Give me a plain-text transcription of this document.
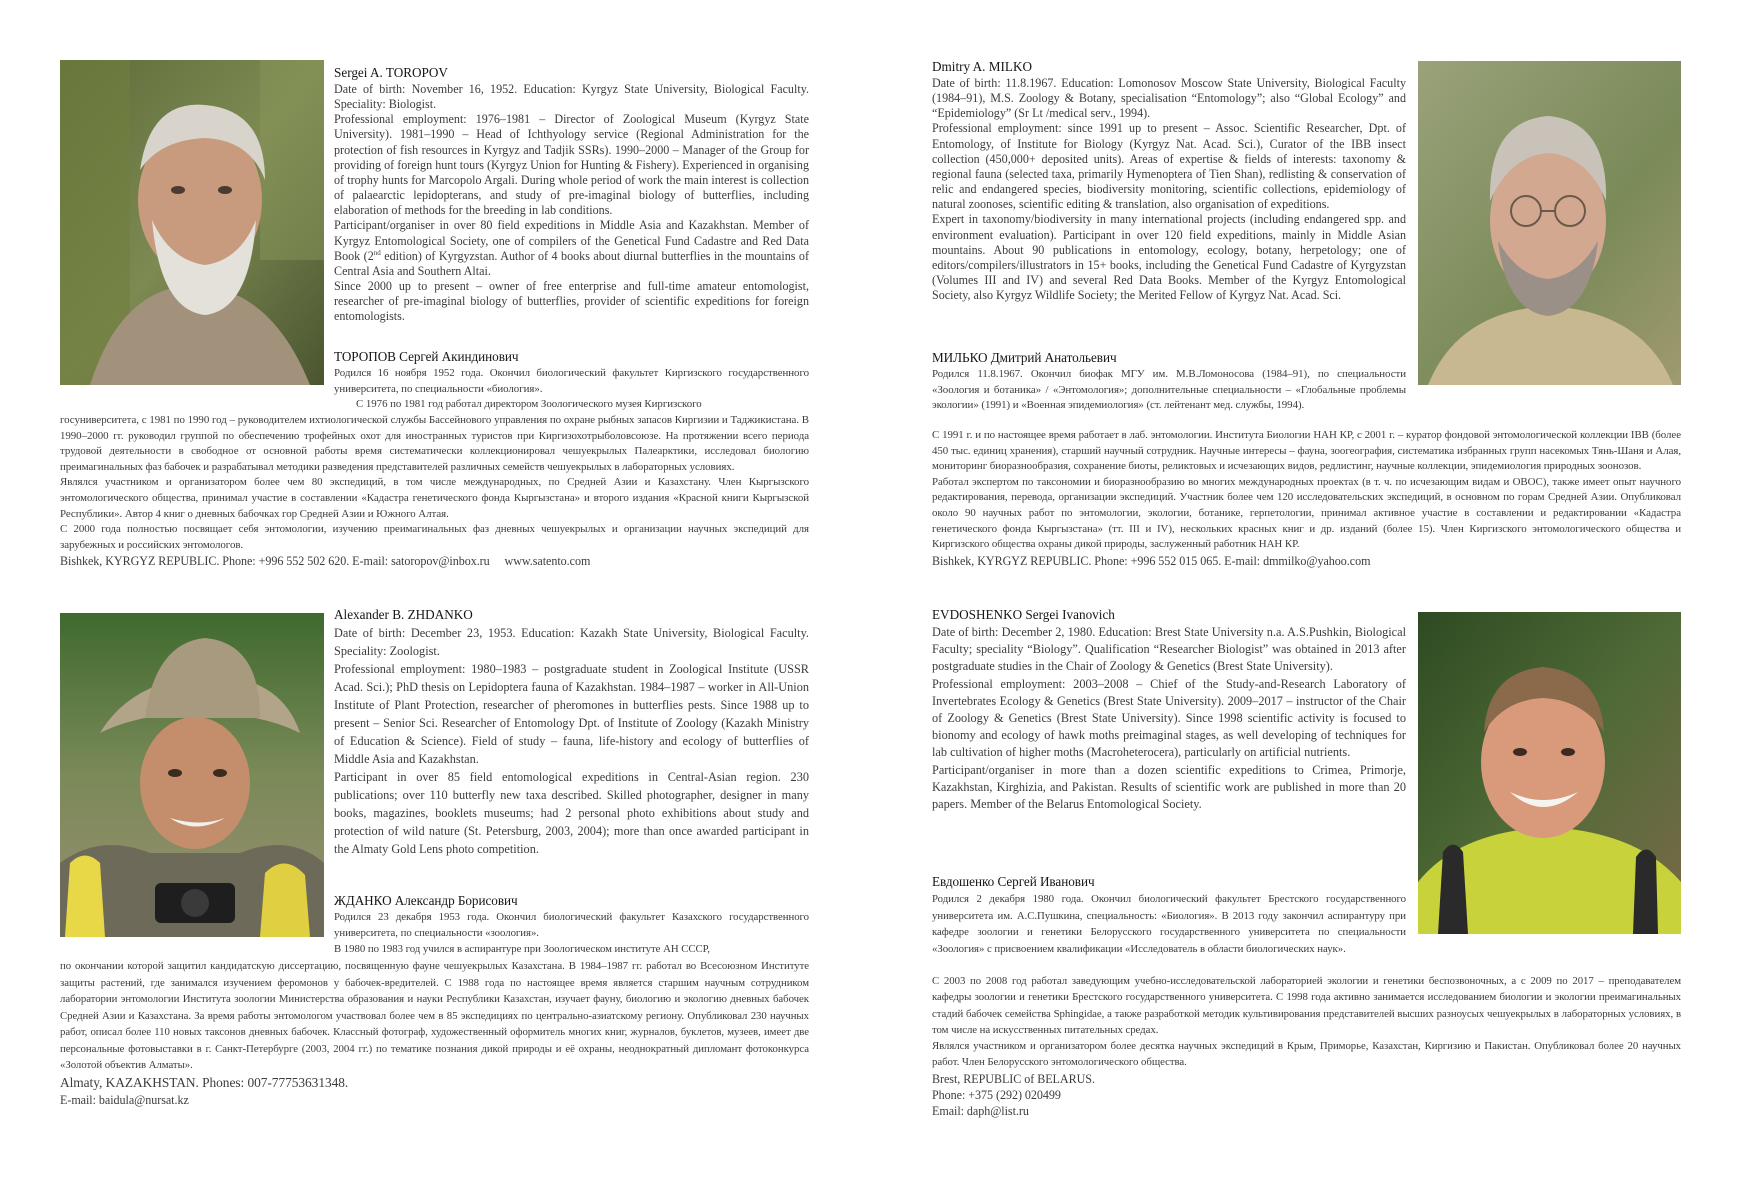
Sergei A. TOROPOV

Date of birth: November 16, 1952. Education: Kyrgyz State University, Biological Faculty. Speciality: Biologist.

Professional employment: 1976–1981 – Director of Zoological Museum (Kyrgyz State University). 1981–1990 – Head of Ichthyology service (Regional Administration for the protection of fish resources in Kyrgyz and Tadjik SSRs). 1990–2000 – Manager of the Group for providing of foreign hunt tours (Kyrgyz Union for Hunting & Fishery). Experienced in organising of trophy hunts for Marcopolo Argali. During whole period of work the main interest is collection of palaearctic lepidopterans, and study of pre-imaginal biology of butterflies, including elaboration of methods for the breeding in lab conditions.

Participant/organiser in over 80 field expeditions in Middle Asia and Kazakhstan. Member of Kyrgyz Entomological Society, one of compilers of the Genetical Fund Cadastre and Red Data Book (2nd edition) of Kyrgyzstan. Author of 4 books about diurnal butterflies in the mountains of Central Asia and Southern Altai.

Since 2000 up to present – owner of free enterprise and full-time amateur entomologist, researcher of pre-imaginal biology of butterflies, provider of scientific expeditions for foreign entomologists.

ТОРОПОВ Сергей Акиндинович

Родился 16 ноября 1952 года. Окончил биологический факультет Киргизского государственного университета, по специальности «биология».

С 1976 по 1981 год работал директором Зоологического музея Киргизского

госуниверситета, с 1981 по 1990 год – руководителем ихтиологической службы Бассейнового управления по охране рыбных запасов Киргизии и Таджикистана. В 1990–2000 гг. руководил группой по обеспечению трофейных охот для иностранных туристов при Киргизохотрыболовсоюзе. На протяжении всего периода трудовой деятельности в свободное от основной работы время систематически коллекционировал чешуекрылых Палеарктики, исследовал биологию преимагинальных фаз бабочек и разрабатывал методики разведения представителей различных семейств чешуекрылых в лабораторных условиях.

Являлся участником и организатором более чем 80 экспедиций, в том числе международных, по Средней Азии и Казахстану. Член Кыргызского энтомологического общества, принимал участие в составлении «Кадастра генетического фонда Кыргызстана» и второго издания «Красной книги Кыргызской Республики». Автор 4 книг о дневных бабочках гор Средней Азии и Южного Алтая.

С 2000 года полностью посвящает себя энтомологии, изучению преимагинальных фаз дневных чешуекрылых и организации научных экспедиций для зарубежных и российских энтомологов.

Bishkek, KYRGYZ REPUBLIC. Phone: +996 552 502 620. E-mail: satoropov@inbox.ru     www.satento.com

Alexander B. ZHDANKO

Date of birth: December 23, 1953. Education: Kazakh State University, Biological Faculty. Speciality: Zoologist.

Professional employment: 1980–1983 – postgraduate student in Zoological Institute (USSR Acad. Sci.); PhD thesis on Lepidoptera fauna of Kazakhstan. 1984–1987 – worker in All-Union Institute of Plant Protection, researcher of pheromones in butterflies pests. Since 1988 up to present – Senior Sci. Researcher of Entomology Dpt. of Institute of Zoology (Kazakh Ministry of Education & Science). Field of study – fauna, life-history and ecology of butterflies of Middle Asia and Kazakhstan.

Participant in over 85 field entomological expeditions in Central-Asian region. 230 publications; over 110 butterfly new taxa described. Skilled photographer, designer in many books, magazines, booklets museums; had 2 personal photo exhibitions about study and protection of wild nature (St. Petersburg, 2003, 2004); more than once awarded participant in the Almaty Gold Lens photo competition.

ЖДАНКО Александр Борисович

Родился 23 декабря 1953 года. Окончил биологический факультет Казахского государственного университета, по специальности «зоология».

В 1980 по 1983 год учился в аспирантуре при Зоологическом институте АН СССР,

по окончании которой защитил кандидатскую диссертацию, посвященную фауне чешуекрылых Казахстана. В 1984–1987 гг. работал во Всесоюзном Институте защиты растений, где занимался изучением феромонов у бабочек-вредителей. С 1988 года по настоящее время является старшим научным сотрудником лаборатории энтомологии Института зоологии Министерства образования и науки Республики Казахстан, изучает фауну, биологию и экологию дневных бабочек Средней Азии и Казахстана. За время работы энтомологом участвовал более чем в 85 экспедициях по центрально-азиатскому региону. Опубликовал 230 научных работ, описал более 110 новых таксонов дневных бабочек. Классный фотограф, художественный оформитель многих книг, журналов, буклетов, музеев, имеет две персональные фотовыставки в г. Санкт-Петербурге (2003, 2004 гг.) по тематике познания дикой природы и её охраны, неоднократный дипломант фотоконкурса «Золотой объектив Алматы».

Almaty, KAZAKHSTAN. Phones: 007-77753631348.

E-mail: baidula@nursat.kz

Dmitry A. MILKO

Date of birth: 11.8.1967. Education: Lomonosov Moscow State University, Biological Faculty (1984–91), M.S. Zoology & Botany, specialisation “Entomology”; also “Global Ecology” and “Epidemiology” (Sr Lt /medical serv., 1994).

Professional employment: since 1991 up to present – Assoc. Scientific Researcher, Dpt. of Entomology, of Institute for Biology (Kyrgyz Nat. Acad. Sci.), Curator of the IBB insect collection (450,000+ deposited units). Areas of expertise & fields of interests: taxonomy & regional fauna (selected taxa, primarily Hymenoptera of Tien Shan), redlisting & conservation of relic and endangered species, biodiversity monitoring, scientific collections, epidemiology of natural zoonoses, scientific editing & translation, also organisation of expeditions.

Expert in taxonomy/biodiversity in many international projects (including endangered spp. and environment evaluation). Participant in over 120 field expeditions, mainly in Middle Asian mountains. About 90 publications in entomology, ecology, botany, herpetology; one of editors/compilers/illustrators in 15+ books, including the Genetical Fund Cadastre of Kyrgyzstan (Volumes III and IV) and several Red Data Books. Member of the Kyrgyz Entomological Society, also Kyrgyz Wildlife Society; the Merited Fellow of Kyrgyz Nat. Acad. Sci.

МИЛЬКО Дмитрий Анатольевич

Родился 11.8.1967. Окончил биофак МГУ им. М.В.Ломоносова (1984–91), по специальности «Зоология и ботаника» / «Энтомология»; дополнительные специальности – «Глобальные проблемы экологии» (1991) и «Военная эпидемиология» (ст. лейтенант мед. службы, 1994).

С 1991 г. и по настоящее время работает в лаб. энтомологии. Института Биологии НАН КР, с 2001 г. – куратор фондовой энтомологической коллекции IBB (более 450 тыс. единиц хранения), старший научный сотрудник. Научные интересы – фауна, зоогеография, систематика избранных групп насекомых Тянь-Шаня и Алая, мониторинг биоразнообразия, сохранение биоты, реликтовых и исчезающих видов, редлистинг, научные коллекции, эпидемиология природных зоонозов.

Работал экспертом по таксономии и биоразнообразию во многих международных проектах (в т. ч. по исчезающим видам и ОВОС), также имеет опыт научного редактирования, перевода, организации экспедиций. Участник более чем 120 исследовательских экспедиций, в основном по горам Средней Азии. Опубликовал около 90 научных работ по энтомологии, экологии, ботанике, герпетологии, принимал активное участие в составлении и редактировании «Кадастра генетического фонда Кыргызстана» (тт. III и IV), нескольких красных книг и др. изданий (более 15). Член Киргизского энтомологического общества и Киргизского общества охраны дикой природы, заслуженный работник НАН КР.

Bishkek, KYRGYZ REPUBLIC. Phone: +996 552 015 065. E-mail: dmmilko@yahoo.com

EVDOSHENKO Sergei Ivanovich

Date of birth: December 2, 1980. Education: Brest State University n.a. A.S.Pushkin, Biological Faculty; speciality “Biology”. Qualification “Researcher Biologist” was obtained in 2013 after postgraduate studies in the Chair of Zoology & Genetics (Brest State University).

Professional employment: 2003–2008 – Chief of the Study-and-Research Laboratory of Invertebrates Ecology & Genetics (Brest State University). 2009–2017 – instructor of the Chair of Zoology & Genetics (Brest State University). Since 1998 scientific activity is focused to bionomy and ecology of hawk moths preimaginal stages, as well developing of techniques for lab cultivation of higher moths (Macroheterocera), particularly on artificial nutrients.

Participant/organiser in more than a dozen scientific expeditions to Crimea, Primorje, Kazakhstan, Kirghizia, and Pakistan. Results of scientific work are published in more than 20 papers. Member of the Belarus Entomological Society.

Евдошенко Сергей Иванович

Родился 2 декабря 1980 года. Окончил биологический факультет Брестского государственного университета им. А.С.Пушкина, специальность: «Биология». В 2013 году закончил аспирантуру при кафедре зоологии и генетики Белорусского государственного университета по специальности «Зоология» с присвоением квалификации «Исследователь в области биологических наук».

С 2003 по 2008 год работал заведующим учебно-исследовательской лабораторией экологии и генетики беспозвоночных, а с 2009 по 2017 – преподавателем кафедры зоологии и генетики Брестского государственного университета. С 1998 года активно занимается исследованием биологии и экологии преимагинальных стадий бабочек семейства Sphingidae, а также разработкой методик культивирования представителей высших разноусых чешуекрылых в лабораторных условиях, в том числе на искусственных питательных средах.

Являлся участником и организатором более десятка научных экспедиций в Крым, Приморье, Казахстан, Киргизию и Пакистан. Опубликовал более 20 научных работ. Член Белорусского энтомологического общества.

Brest, REPUBLIC of BELARUS.

Phone: +375 (292) 020499

Email: daph@list.ru
